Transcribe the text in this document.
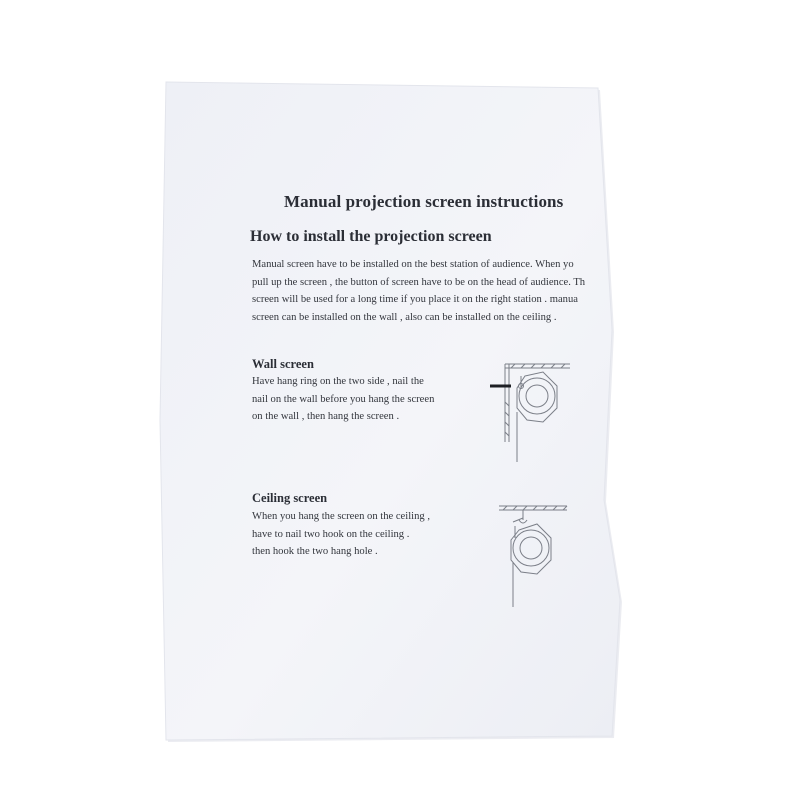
Manual projection screen instructions
How to install the projection screen
Manual screen have to be installed on the best station of audience. When yo
pull up the screen , the button of screen have to be on the head of audience. Th
screen will be used for a long time if you place it on the right station . manua
screen can be installed on the wall , also can be installed on the ceiling .
Wall screen
Have hang ring on the two side , nail the
nail on the wall before you hang the screen
on the wall , then hang the screen .
Ceiling screen
When you hang the screen on the ceiling ,
have to nail two hook on the ceiling .
then hook the two hang hole .
